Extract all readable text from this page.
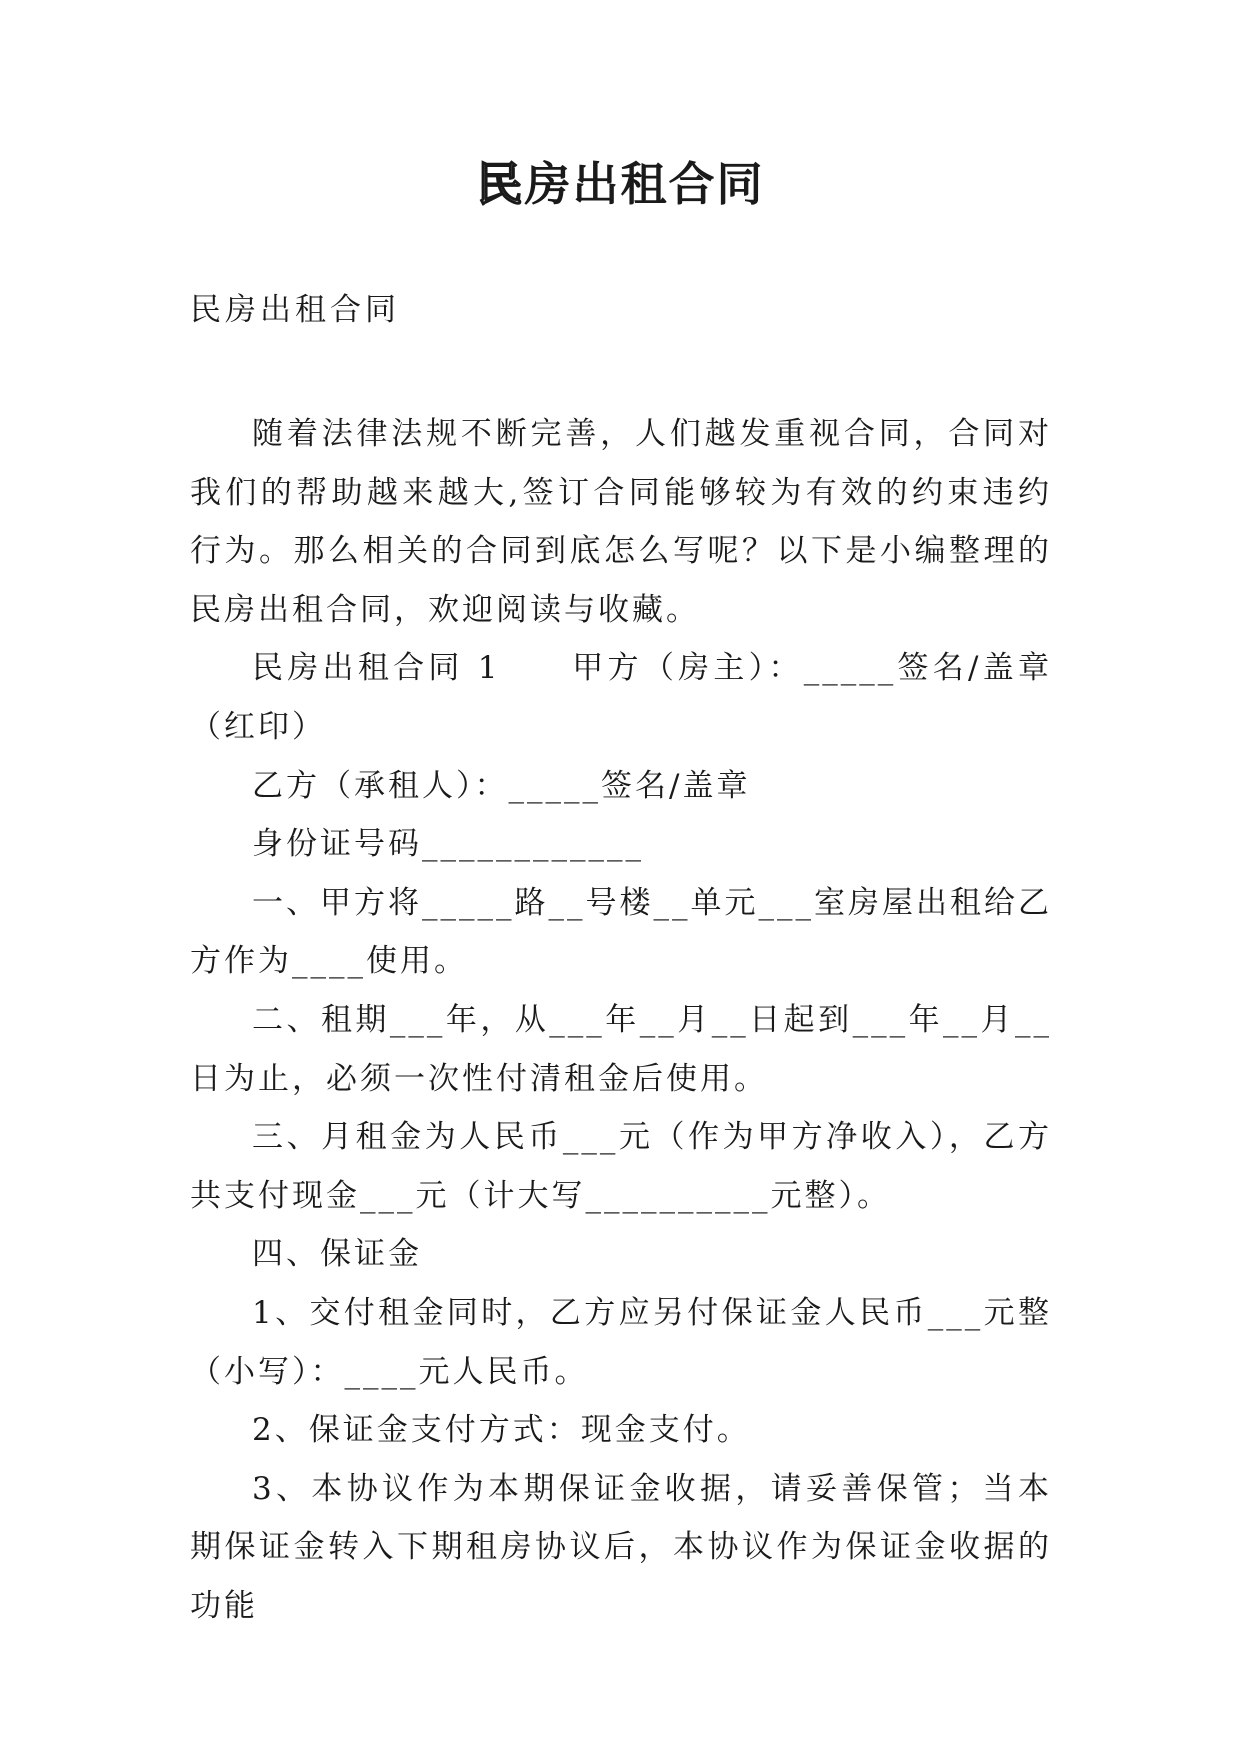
民房出租合同
民房出租合同

随着法律法规不断完善，人们越发重视合同，合同对我们的帮助越来越大,签订合同能够较为有效的约束违约行为。那么相关的合同到底怎么写呢？以下是小编整理的民房出租合同，欢迎阅读与收藏。

民房出租合同 1　　甲方（房主）：_____签名/盖章（红印）

乙方（承租人）：_____签名/盖章

身份证号码____________

一、甲方将_____路__号楼__单元___室房屋出租给乙方作为____使用。

二、租期___年，从___年__月__日起到___年__月__日为止，必须一次性付清租金后使用。

三、月租金为人民币___元（作为甲方净收入），乙方共支付现金___元（计大写__________元整）。

四、保证金

1、交付租金同时，乙方应另付保证金人民币___元整（小写）：____元人民币。

2、保证金支付方式：现金支付。

3、本协议作为本期保证金收据，请妥善保管；当本期保证金转入下期租房协议后，本协议作为保证金收据的功能
